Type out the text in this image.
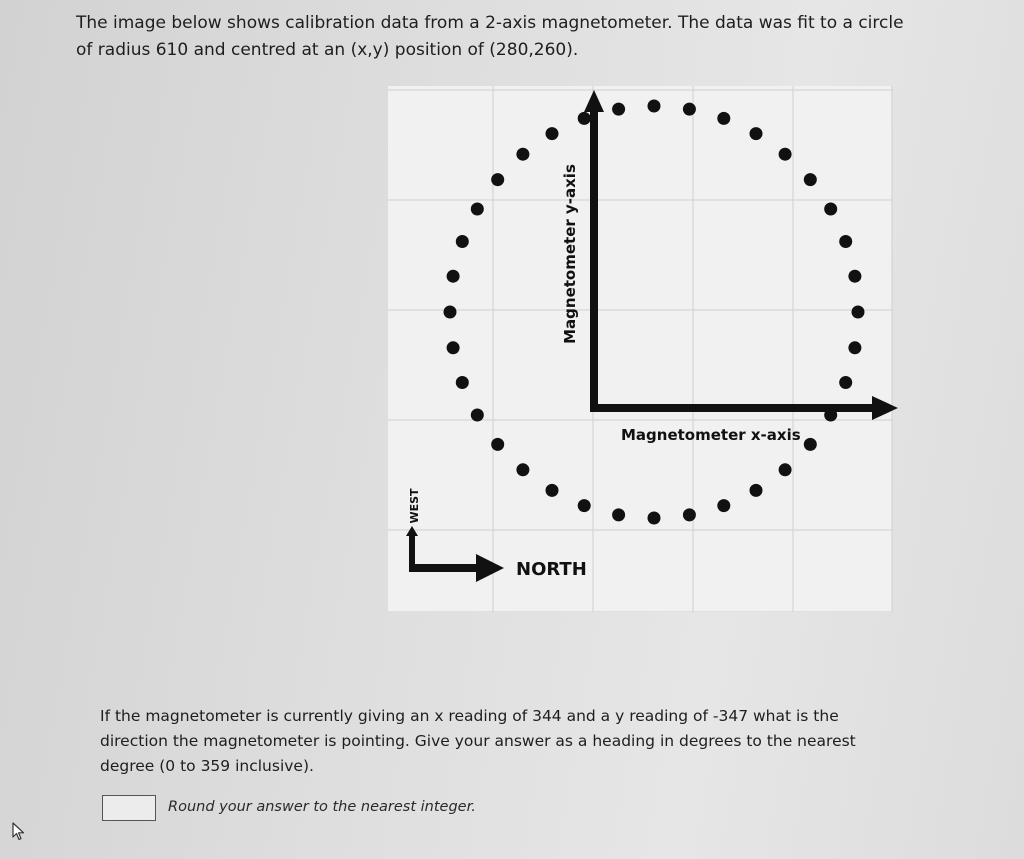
The image below shows calibration data from a 2-axis magnetometer. The data was fit to a circle
of radius 610 and centred at an (x,y) position of (280,260).

Magnetometer y-axis
Magnetometer x-axis
WEST
NORTH

If the magnetometer is currently giving an x reading of 344 and a y reading of -347 what is the
direction the magnetometer is pointing. Give your answer as a heading in degrees to the nearest
degree (0 to 359 inclusive).

Round your answer to the nearest integer.
